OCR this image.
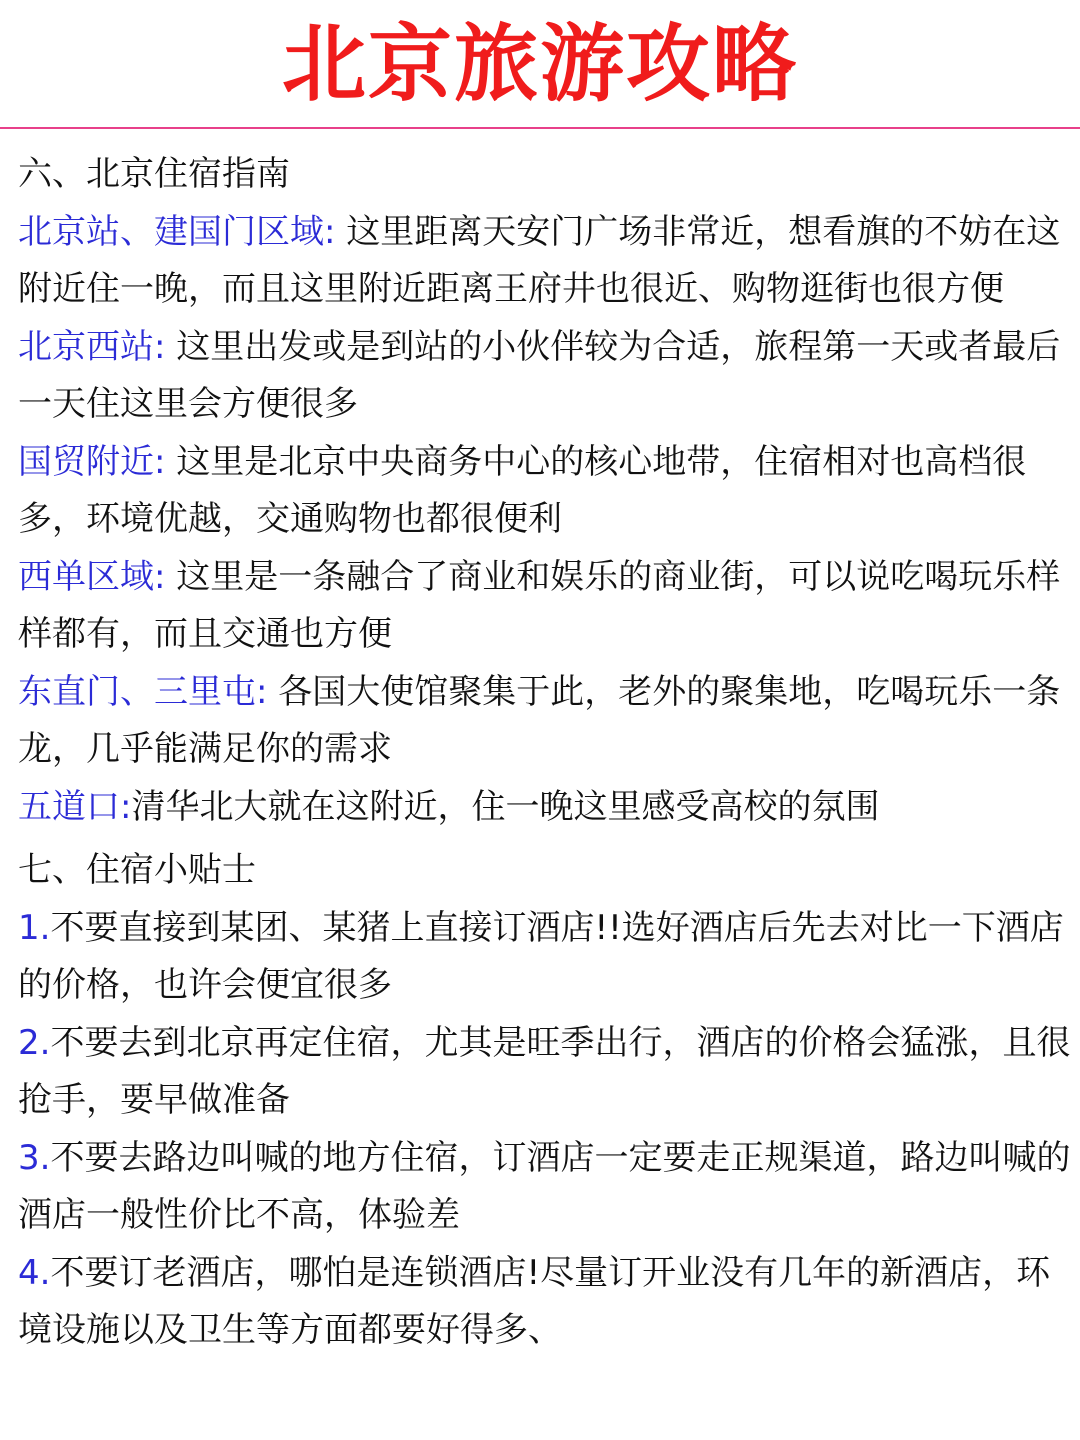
北京旅游攻略
六、北京住宿指南

北京站、建国门区域: 这里距离天安门广场非常近，想看旗的不妨在这附近住一晚，而且这里附近距离王府井也很近、购物逛街也很方便

北京西站: 这里出发或是到站的小伙伴较为合适，旅程第一天或者最后一天住这里会方便很多

国贸附近: 这里是北京中央商务中心的核心地带，住宿相对也高档很多，环境优越，交通购物也都很便利

西单区域: 这里是一条融合了商业和娱乐的商业街，可以说吃喝玩乐样样都有，而且交通也方便

东直门、三里屯: 各国大使馆聚集于此，老外的聚集地，吃喝玩乐一条龙，几乎能满足你的需求

五道口:清华北大就在这附近，住一晚这里感受高校的氛围

七、住宿小贴士

1.不要直接到某团、某猪上直接订酒店!!选好酒店后先去对比一下酒店的价格，也许会便宜很多

2.不要去到北京再定住宿，尤其是旺季出行，酒店的价格会猛涨，且很抢手，要早做准备

3.不要去路边叫喊的地方住宿，订酒店一定要走正规渠道，路边叫喊的酒店一般性价比不高，体验差

4.不要订老酒店，哪怕是连锁酒店!尽量订开业没有几年的新酒店，环境设施以及卫生等方面都要好得多、
